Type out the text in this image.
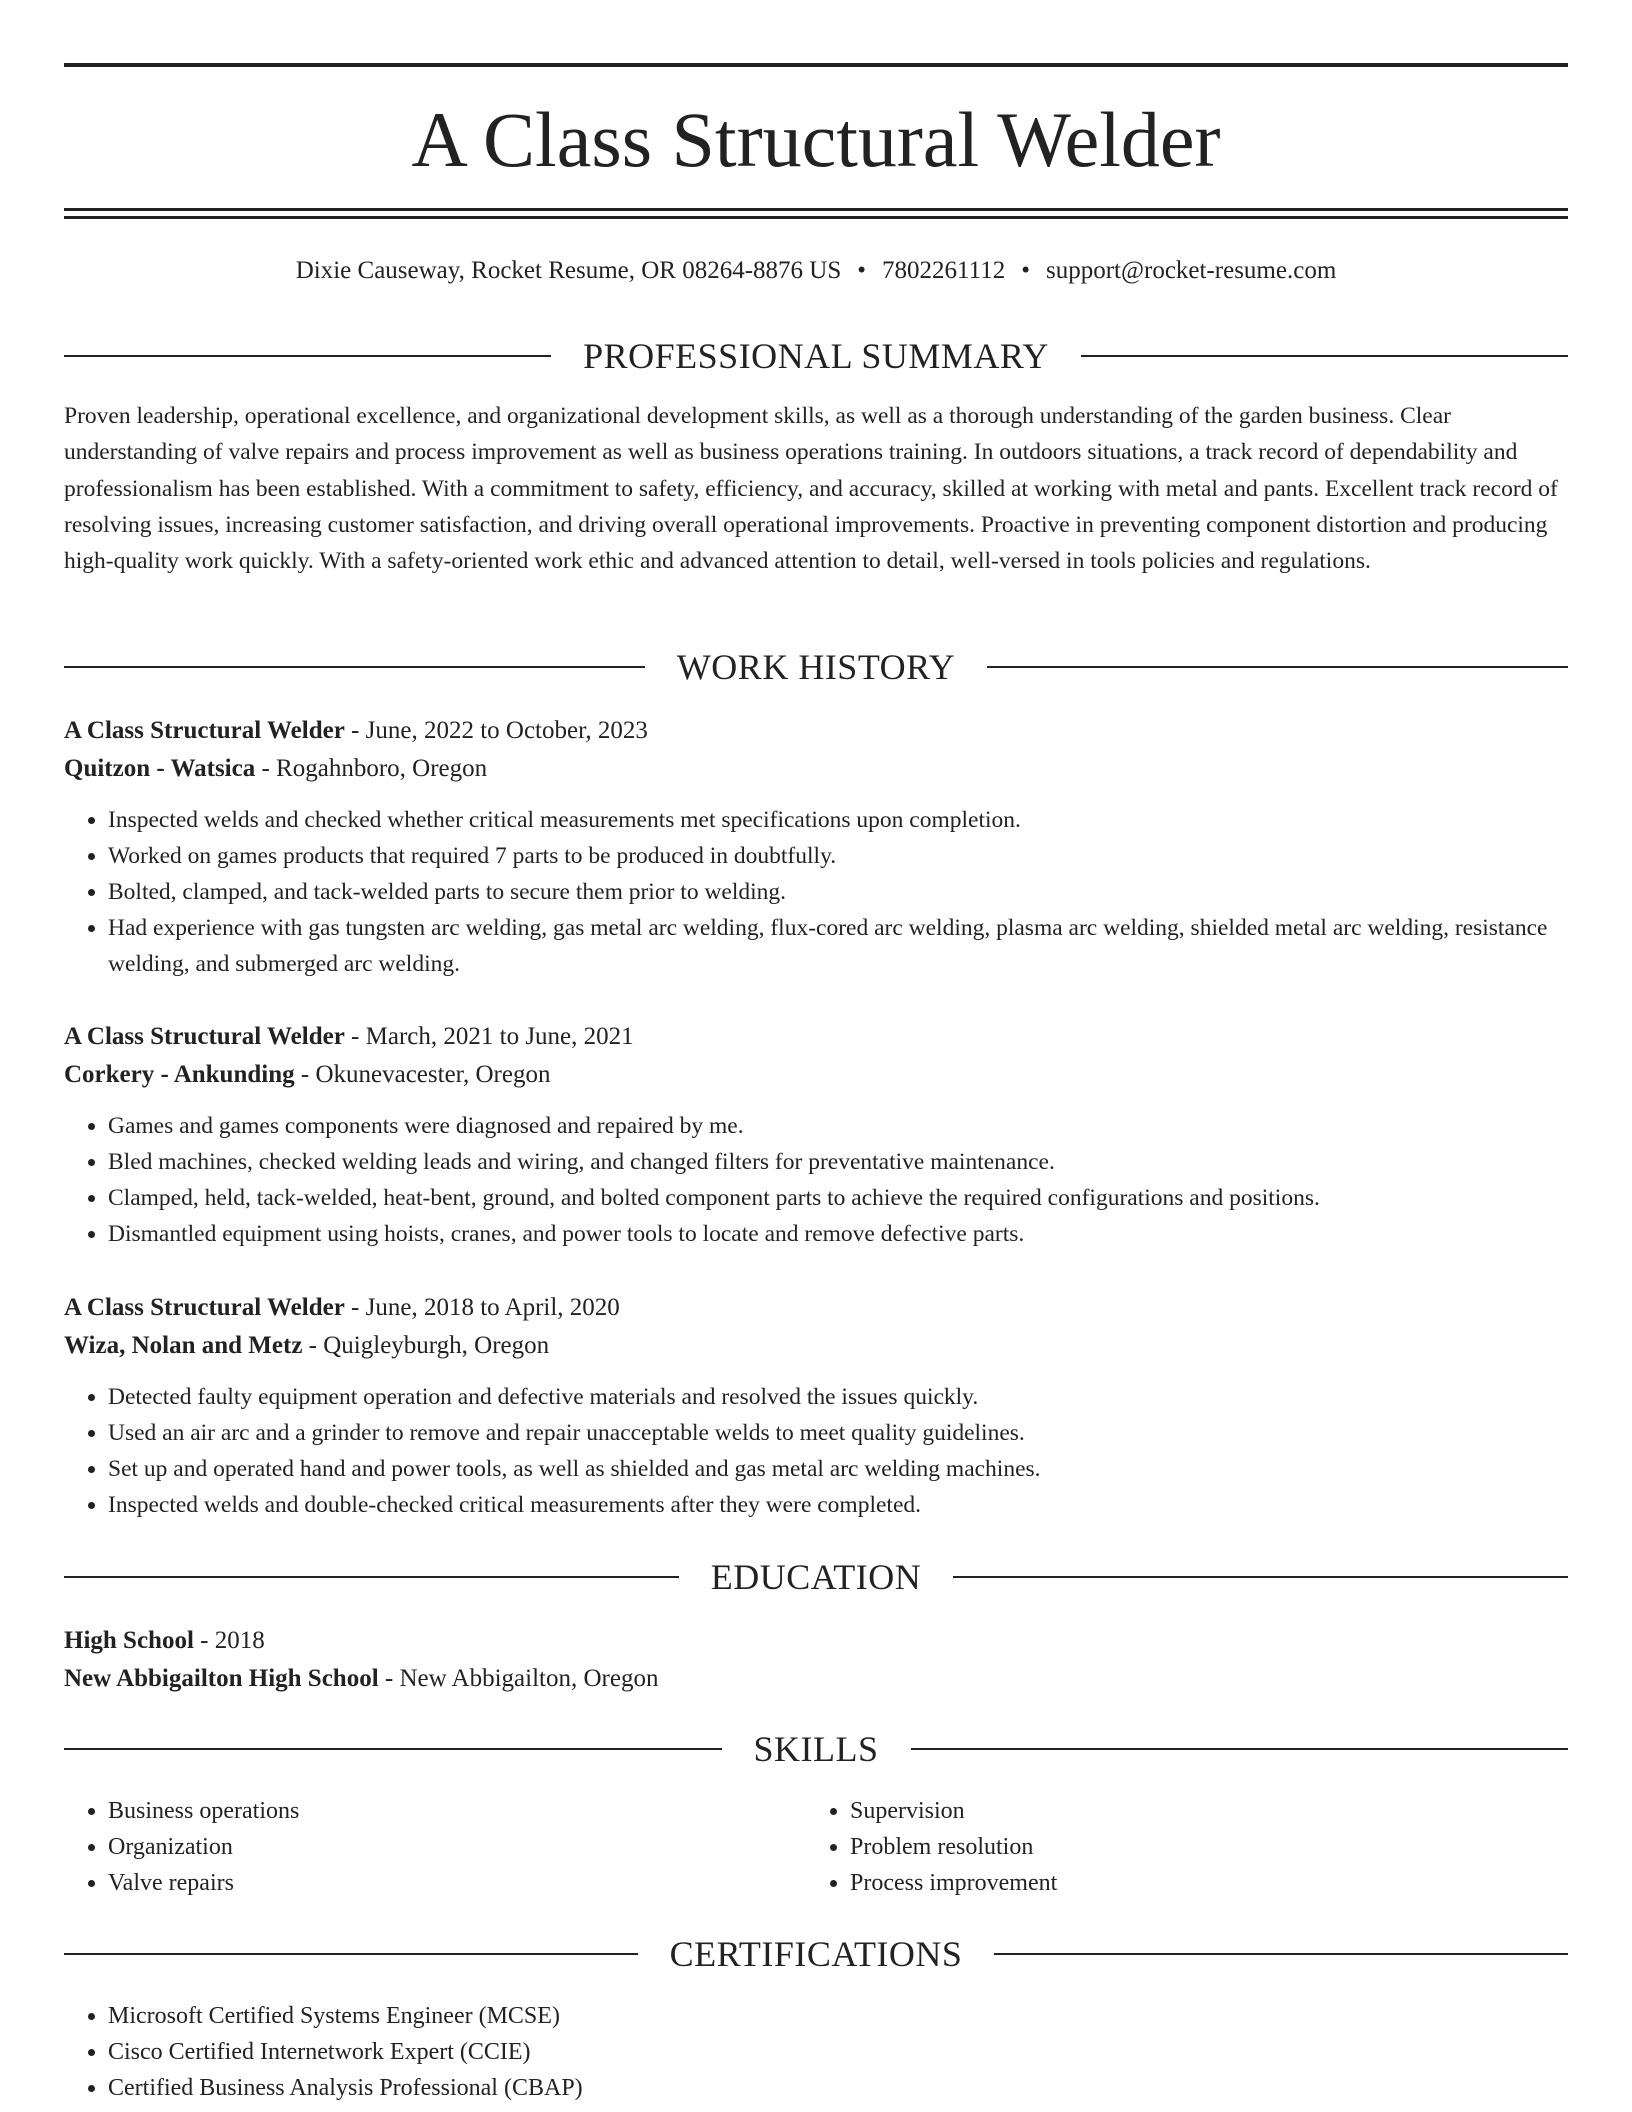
A Class Structural Welder
Dixie Causeway, Rocket Resume, OR 08264-8876 US • 7802261112 • support@rocket-resume.com
PROFESSIONAL SUMMARY

Proven leadership, operational excellence, and organizational development skills, as well as a thorough understanding of the garden business. Clear understanding of valve repairs and process improvement as well as business operations training. In outdoors situations, a track record of dependability and professionalism has been established. With a commitment to safety, efficiency, and accuracy, skilled at working with metal and pants. Excellent track record of resolving issues, increasing customer satisfaction, and driving overall operational improvements. Proactive in preventing component distortion and producing high-quality work quickly. With a safety-oriented work ethic and advanced attention to detail, well-versed in tools policies and regulations.

WORK HISTORY
A Class Structural Welder - June, 2022 to October, 2023
Quitzon - Watsica - Rogahnboro, Oregon
• Inspected welds and checked whether critical measurements met specifications upon completion.
• Worked on games products that required 7 parts to be produced in doubtfully.
• Bolted, clamped, and tack-welded parts to secure them prior to welding.
• Had experience with gas tungsten arc welding, gas metal arc welding, flux-cored arc welding, plasma arc welding, shielded metal arc welding, resistance welding, and submerged arc welding.
A Class Structural Welder - March, 2021 to June, 2021
Corkery - Ankunding - Okunevacester, Oregon
• Games and games components were diagnosed and repaired by me.
• Bled machines, checked welding leads and wiring, and changed filters for preventative maintenance.
• Clamped, held, tack-welded, heat-bent, ground, and bolted component parts to achieve the required configurations and positions.
• Dismantled equipment using hoists, cranes, and power tools to locate and remove defective parts.
A Class Structural Welder - June, 2018 to April, 2020
Wiza, Nolan and Metz - Quigleyburgh, Oregon
• Detected faulty equipment operation and defective materials and resolved the issues quickly.
• Used an air arc and a grinder to remove and repair unacceptable welds to meet quality guidelines.
• Set up and operated hand and power tools, as well as shielded and gas metal arc welding machines.
• Inspected welds and double-checked critical measurements after they were completed.
EDUCATION
High School - 2018
New Abbigailton High School - New Abbigailton, Oregon
SKILLS
• Business operations
• Organization
• Valve repairs
• Supervision
• Problem resolution
• Process improvement
CERTIFICATIONS
• Microsoft Certified Systems Engineer (MCSE)
• Cisco Certified Internetwork Expert (CCIE)
• Certified Business Analysis Professional (CBAP)
